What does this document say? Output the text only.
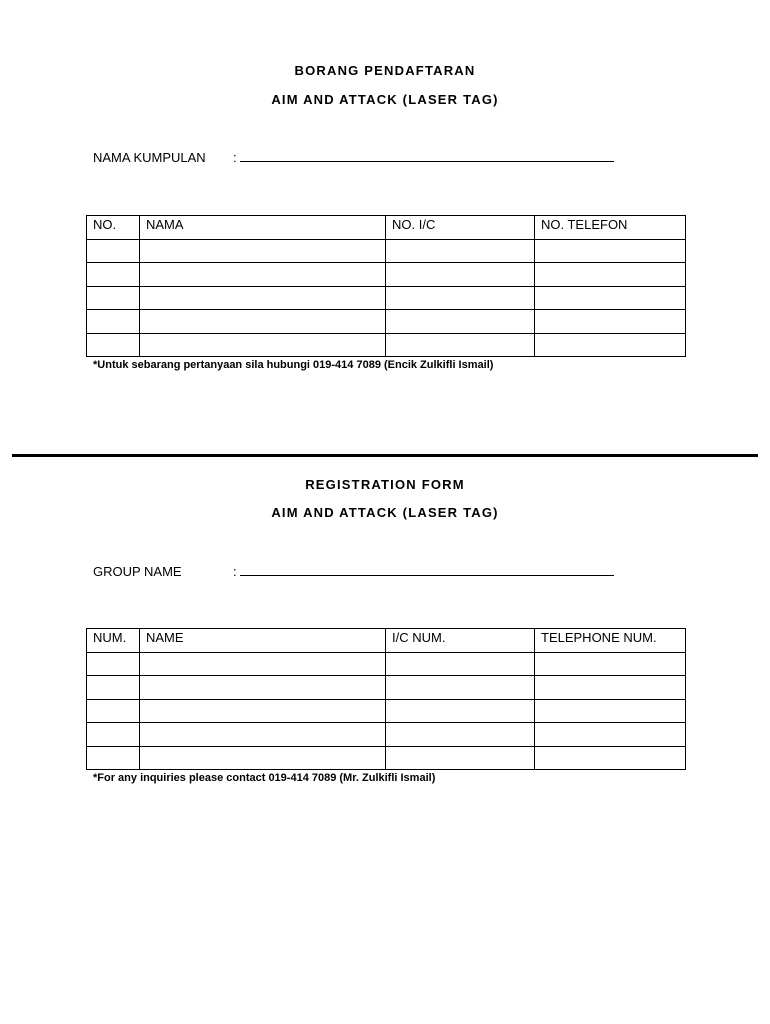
BORANG PENDAFTARAN
AIM AND ATTACK (LASER TAG)
NAMA KUMPULAN :
NO.	NAMA	NO. I/C	NO. TELEFON

*Untuk sebarang pertanyaan sila hubungi 019-414 7089 (Encik Zulkifli Ismail)
REGISTRATION FORM
AIM AND ATTACK (LASER TAG)
GROUP NAME	:
NUM.	NAME	I/C NUM.	TELEPHONE NUM.

*For any inquiries please contact 019-414 7089 (Mr. Zulkifli Ismail)
